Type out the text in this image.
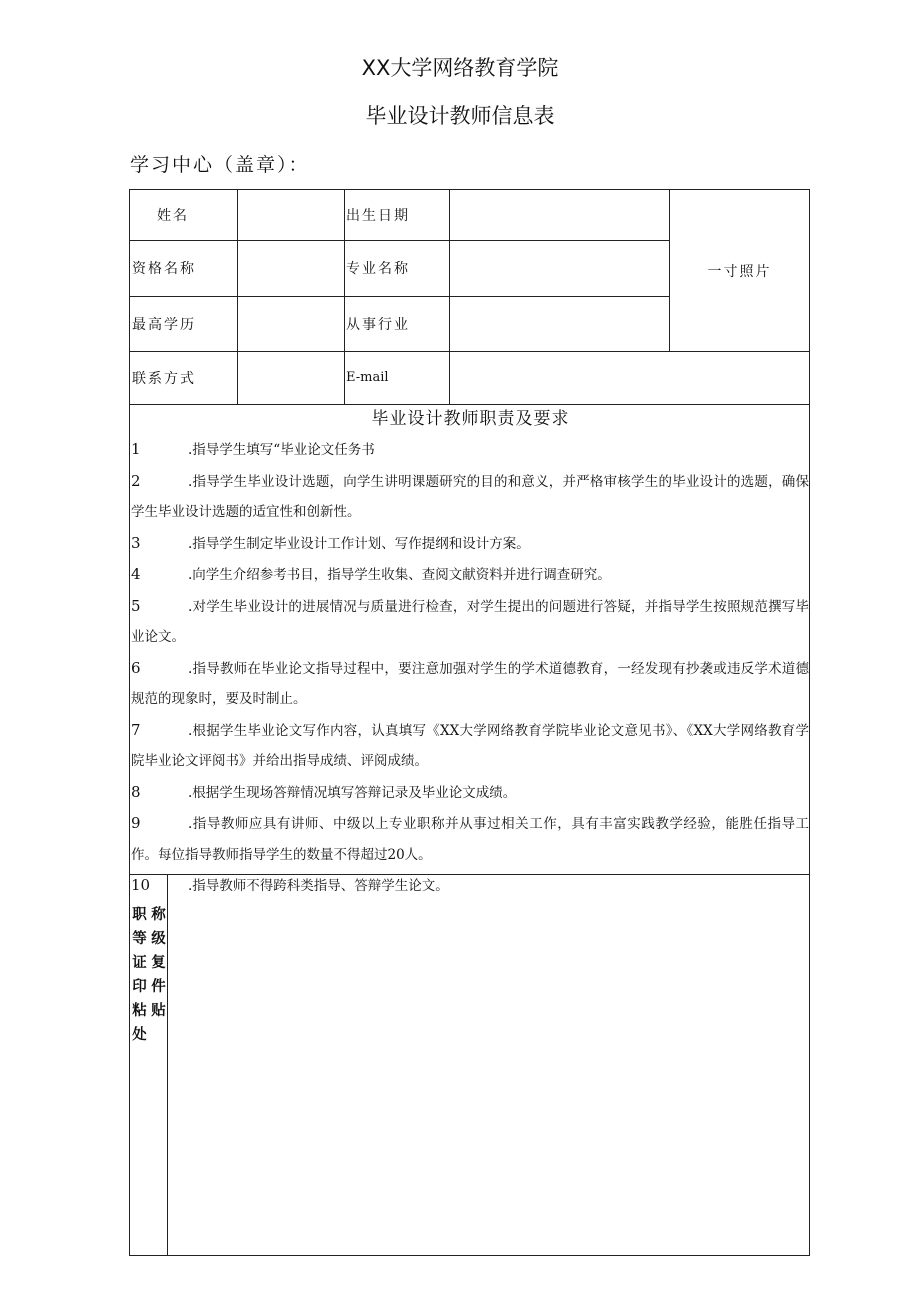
XX大学网络教育学院
毕业设计教师信息表
学习中心（盖章）：
姓名	出生日期
资格名称	专业名称
最高学历	从事行业
联系方式	E-mail
一寸照片
毕业设计教师职责及要求
1	.指导学生填写“毕业论文任务书
2	.指导学生毕业设计选题，向学生讲明课题研究的目的和意义，并严格审核学生的毕业设计的选题，确保学生毕业设计选题的适宜性和创新性。
3	.指导学生制定毕业设计工作计划、写作提纲和设计方案。
4	.向学生介绍参考书目，指导学生收集、查阅文献资料并进行调查研究。
5	.对学生毕业设计的进展情况与质量进行检查，对学生提出的问题进行答疑，并指导学生按照规范撰写毕业论文。
6	.指导教师在毕业论文指导过程中，要注意加强对学生的学术道德教育，一经发现有抄袭或违反学术道德规范的现象时，要及时制止。
7	.根据学生毕业论文写作内容，认真填写《XX大学网络教育学院毕业论文意见书》、《XX大学网络教育学院毕业论文评阅书》并给出指导成绩、评阅成绩。
8	.根据学生现场答辩情况填写答辩记录及毕业论文成绩。
9	.指导教师应具有讲师、中级以上专业职称并从事过相关工作，具有丰富实践教学经验，能胜任指导工作。每位指导教师指导学生的数量不得超过20人。
10	.指导教师不得跨科类指导、答辩学生论文。
职 称
等 级
证 复
印 件
粘 贴
处
